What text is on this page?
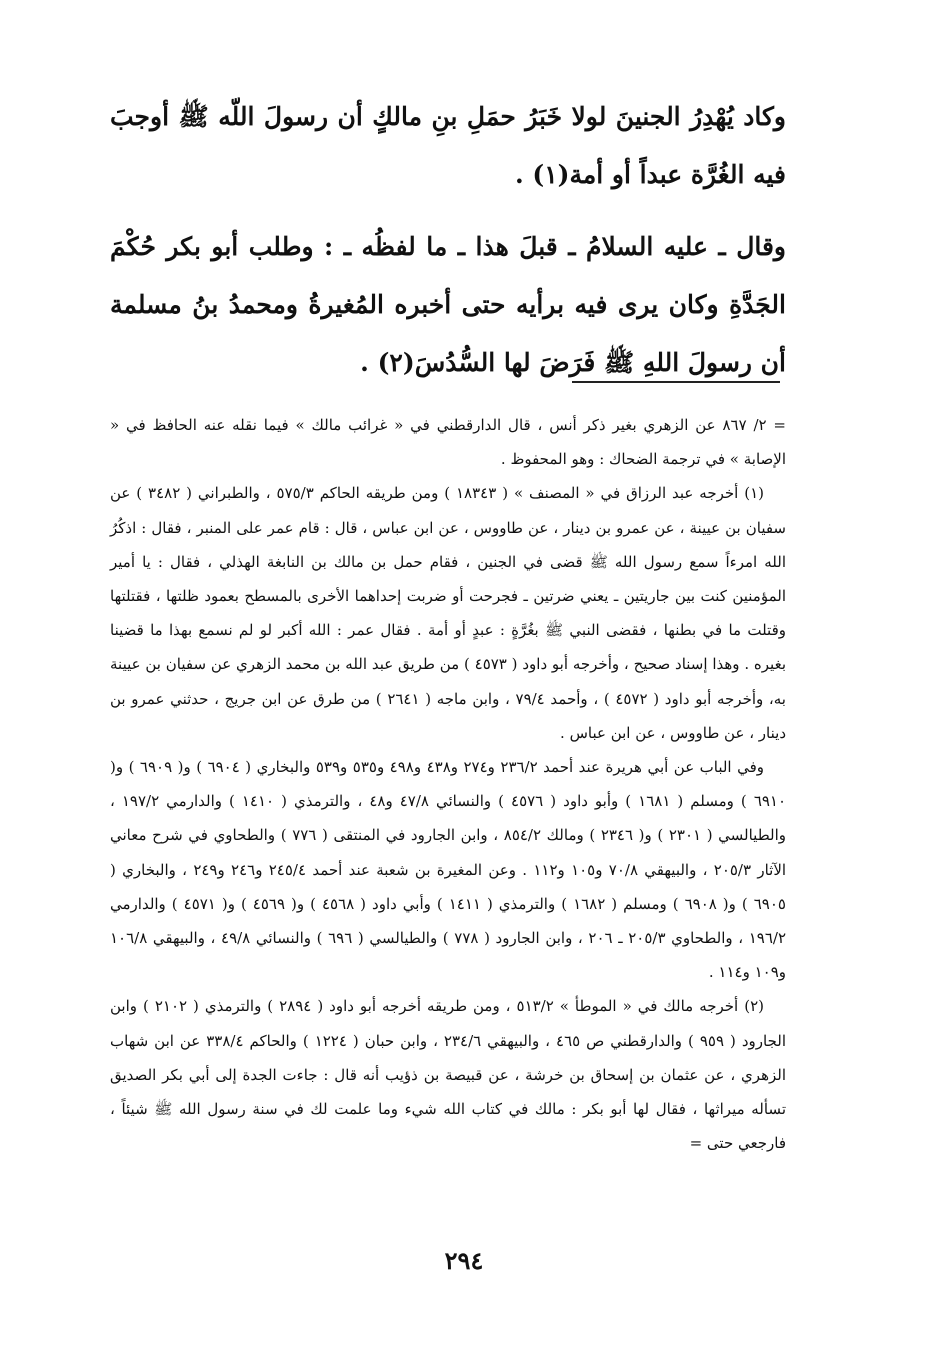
وكاد يُهْدِرُ الجنينَ لولا خَبَرُ حمَلِ بنِ مالكٍ أن رسولَ اللّه ﷺ أوجبَ فيه الغُرَّة عبداً أو أمة(١) .

وقال ـ عليه السلامُ ـ قبلَ هذا ـ ما لفظُه ـ : وطلب أبو بكر حُكْمَ الجَدَّةِ وكان يرى فيه برأيه حتى أخبره المُغيرةُ ومحمدُ بنُ مسلمة أن رسولَ اللهِ ﷺ فَرَضَ لها السُّدُسَ(٢) .

= ٢/ ٨٦٧ عن الزهري بغير ذكر أنس ، قال الدارقطني في « غرائب مالك » فيما نقله عنه الحافظ في « الإصابة » في ترجمة الضحاك : وهو المحفوظ .

(١) أخرجه عبد الرزاق في « المصنف » ( ١٨٣٤٣ ) ومن طريقه الحاكم ٥٧٥/٣ ، والطبراني ( ٣٤٨٢ ) عن سفيان بن عيينة ، عن عمرو بن دينار ، عن طاووس ، عن ابن عباس ، قال : قام عمر على المنبر ، فقال : اذكُرُ الله امرءاً سمع رسول الله ﷺ قضى في الجنين ، فقام حمل بن مالك بن النابغة الهذلي ، فقال : يا أمير المؤمنين كنت بين جاريتين ـ يعني ضرتين ـ فجرحت أو ضربت إحداهما الأخرى بالمسطح بعمود ظلتها ، فقتلتها وقتلت ما في بطنها ، فقضى النبي ﷺ بغُرَّةٍ : عبدٍ أو أمة . فقال عمر : الله أكبر لو لم نسمع بهذا ما قضينا بغيره . وهذا إسناد صحيح ، وأخرجه أبو داود ( ٤٥٧٣ ) من طريق عبد الله بن محمد الزهري عن سفيان بن عيينة به، وأخرجه أبو داود ( ٤٥٧٢ ) ، وأحمد ٧٩/٤ ، وابن ماجه ( ٢٦٤١ ) من طرق عن ابن جريج ، حدثني عمرو بن دينار ، عن طاووس ، عن ابن عباس .

وفي الباب عن أبي هريرة عند أحمد ٢٣٦/٢ و٢٧٤ و٤٣٨ و٤٩٨ و٥٣٥ و٥٣٩ والبخاري ( ٦٩٠٤ ) و( ٦٩٠٩ ) و( ٦٩١٠ ) ومسلم ( ١٦٨١ ) وأبو داود ( ٤٥٧٦ ) والنسائي ٤٧/٨ و٤٨ ، والترمذي ( ١٤١٠ ) والدارمي ١٩٧/٢ ، والطيالسي ( ٢٣٠١ ) و( ٢٣٤٦ ) ومالك ٨٥٤/٢ ، وابن الجارود في المنتقى ( ٧٧٦ ) والطحاوي في شرح معاني الآثار ٢٠٥/٣ ، والبيهقي ٧٠/٨ و١٠٥ و١١٢ . وعن المغيرة بن شعبة عند أحمد ٢٤٥/٤ و٢٤٦ و٢٤٩ ، والبخاري ( ٦٩٠٥ ) و( ٦٩٠٨ ) ومسلم ( ١٦٨٢ ) والترمذي ( ١٤١١ ) وأبي داود ( ٤٥٦٨ ) و( ٤٥٦٩ ) و( ٤٥٧١ ) والدارمي ١٩٦/٢ ، والطحاوي ٢٠٥/٣ ـ ٢٠٦ ، وابن الجارود ( ٧٧٨ ) والطيالسي ( ٦٩٦ ) والنسائي ٤٩/٨ ، والبيهقي ١٠٦/٨ و١٠٩ و١١٤ .

(٢) أخرجه مالك في « الموطأ » ٥١٣/٢ ، ومن طريقه أخرجه أبو داود ( ٢٨٩٤ ) والترمذي ( ٢١٠٢ ) وابن الجارود ( ٩٥٩ ) والدارقطني ص ٤٦٥ ، والبيهقي ٢٣٤/٦ ، وابن حبان ( ١٢٢٤ ) والحاكم ٣٣٨/٤ عن ابن شهاب الزهري ، عن عثمان بن إسحاق بن خرشة ، عن قبيصة بن ذؤيب أنه قال : جاءت الجدة إلى أبي بكر الصديق تسأله ميراثها ، فقال لها أبو بكر : مالك في كتاب الله شيء وما علمت لك في سنة رسول الله ﷺ شيئاً ، فارجعي حتى =

٢٩٤
